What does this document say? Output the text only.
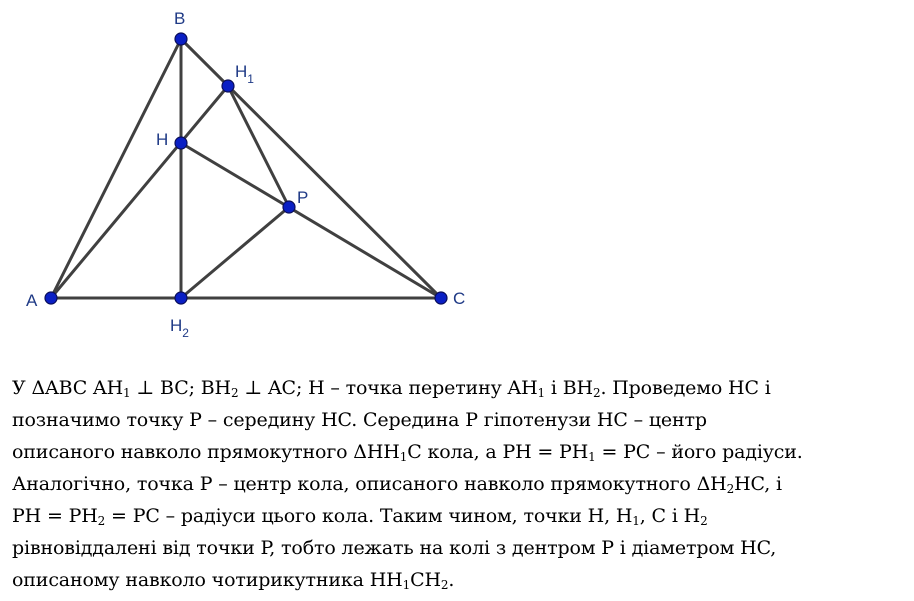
B
$H_1$
H
P
A
$H_2$
C
У ΔABC $AH_1$ ⊥ BC; $BH_2$ ⊥ AC; H – точка перетину $AH_1$ і $BH_2$. Проведемо HC і
позначимо точку P – середину HC. Середина P гіпотенузи HC – центр
описаного навколо прямокутного $\Delta HH_1C$ кола, а PH = $PH_1$ = PC – його радіуси.
Аналогічно, точка P – центр кола, описаного навколо прямокутного $\Delta H_2HC$, і
PH = $PH_2$ = PC – радіуси цього кола. Таким чином, точки H, $H_1$, C і $H_2$
рівновіддалені від точки P, тобто лежать на колі з дентром P і діаметром HC,
описаному навколо чотирикутника $HH_1CH_2$.
